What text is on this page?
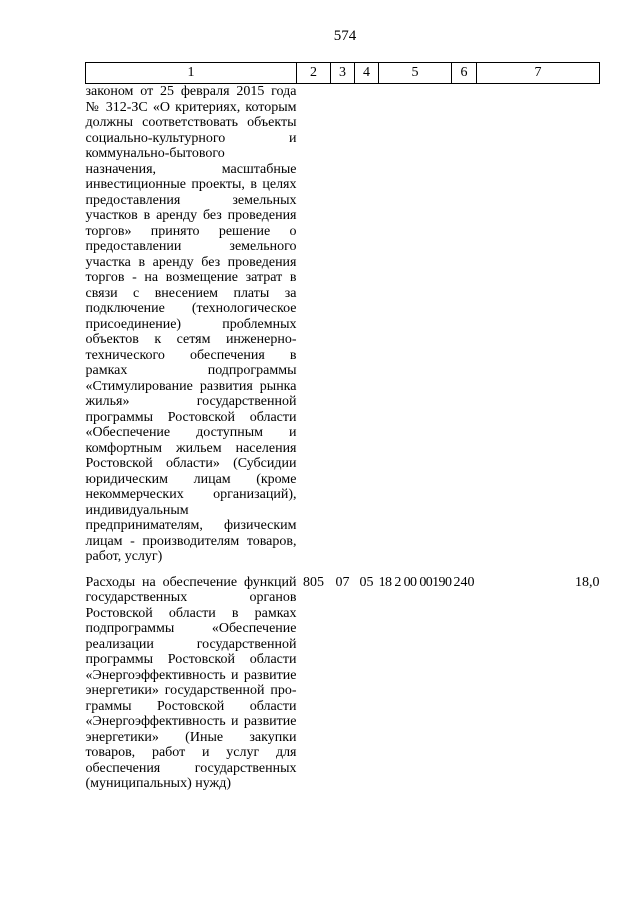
574
1	2	3	4	5	6	7
законом от 25 февраля 2015 года № 312-ЗС «О критериях, которым должны соответствовать объекты социально-культурного и коммунально-бытового назначения, масштабные инвестиционные проекты, в целях предоставления земельных участков в аренду без проведения торгов» принято решение о предоставлении земельного участка в аренду без проведения торгов - на возмещение затрат в связи с внесением платы за подключение (технологическое присоединение) проблемных объектов к сетям инженерно-технического обеспечения в рамках подпрограммы «Стимулирование развития рынка жилья» государственной программы Ростовской области «Обеспечение доступным и комфортным жильем населения Ростовской области» (Субсидии юридическим лицам (кроме некоммерческих организаций), индивидуальным предпринимателям, физическим лицам - производителям товаров, работ, услуг)						
Расходы на обеспечение функций государственных органов Ростовской области в рамках подпрограммы «Обеспечение реализации государственной программы Ростовской области «Энергоэффективность и развитие энергетики» государственной программы Ростовской области «Энергоэффективность и развитие энергетики» (Иные закупки товаров, работ и услуг для обеспечения государственных (муниципальных) нужд)	805	07	05	18 2 00 00190	240	18,0
